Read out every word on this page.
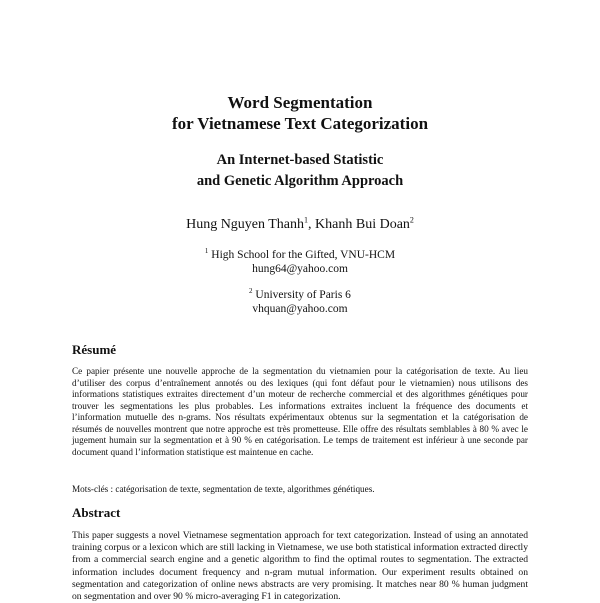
Word Segmentation
for Vietnamese Text Categorization
An Internet-based Statistic
and Genetic Algorithm Approach
Hung Nguyen Thanh$^1$, Khanh Bui Doan$^2$
$^1$ High School for the Gifted, VNU-HCM
hung64@yahoo.com
$^2$ University of Paris 6
vhquan@yahoo.com
Résumé

Ce papier présente une nouvelle approche de la segmentation du vietnamien pour la catégorisation de texte. Au lieu d’utiliser des corpus d’entraînement annotés ou des lexiques (qui font défaut pour le vietnamien) nous utilisons des informations statistiques extraites directement d’un moteur de recherche commercial et des algorithmes génétiques pour trouver les segmentations les plus probables. Les informations extraites incluent la fréquence des documents et l’information mutuelle des n-grams. Nos résultats expérimentaux obtenus sur la segmentation et la catégorisation de résumés de nouvelles montrent que notre approche est très prometteuse. Elle offre des résultats semblables à 80 % avec le jugement humain sur la segmentation et à 90 % en catégorisation. Le temps de traitement est inférieur à une seconde par document quand l’information statistique est maintenue en cache.

Mots-clés : catégorisation de texte, segmentation de texte, algorithmes génétiques.

Abstract

This paper suggests a novel Vietnamese segmentation approach for text categorization. Instead of using an annotated training corpus or a lexicon which are still lacking in Vietnamese, we use both statistical information extracted directly from a commercial search engine and a genetic algorithm to find the optimal routes to segmentation. The extracted information includes document frequency and n-gram mutual information. Our experiment results obtained on segmentation and categorization of online news abstracts are very promising. It matches near 80 % human judgment on segmentation and over 90 % micro-averaging F1 in categorization.
